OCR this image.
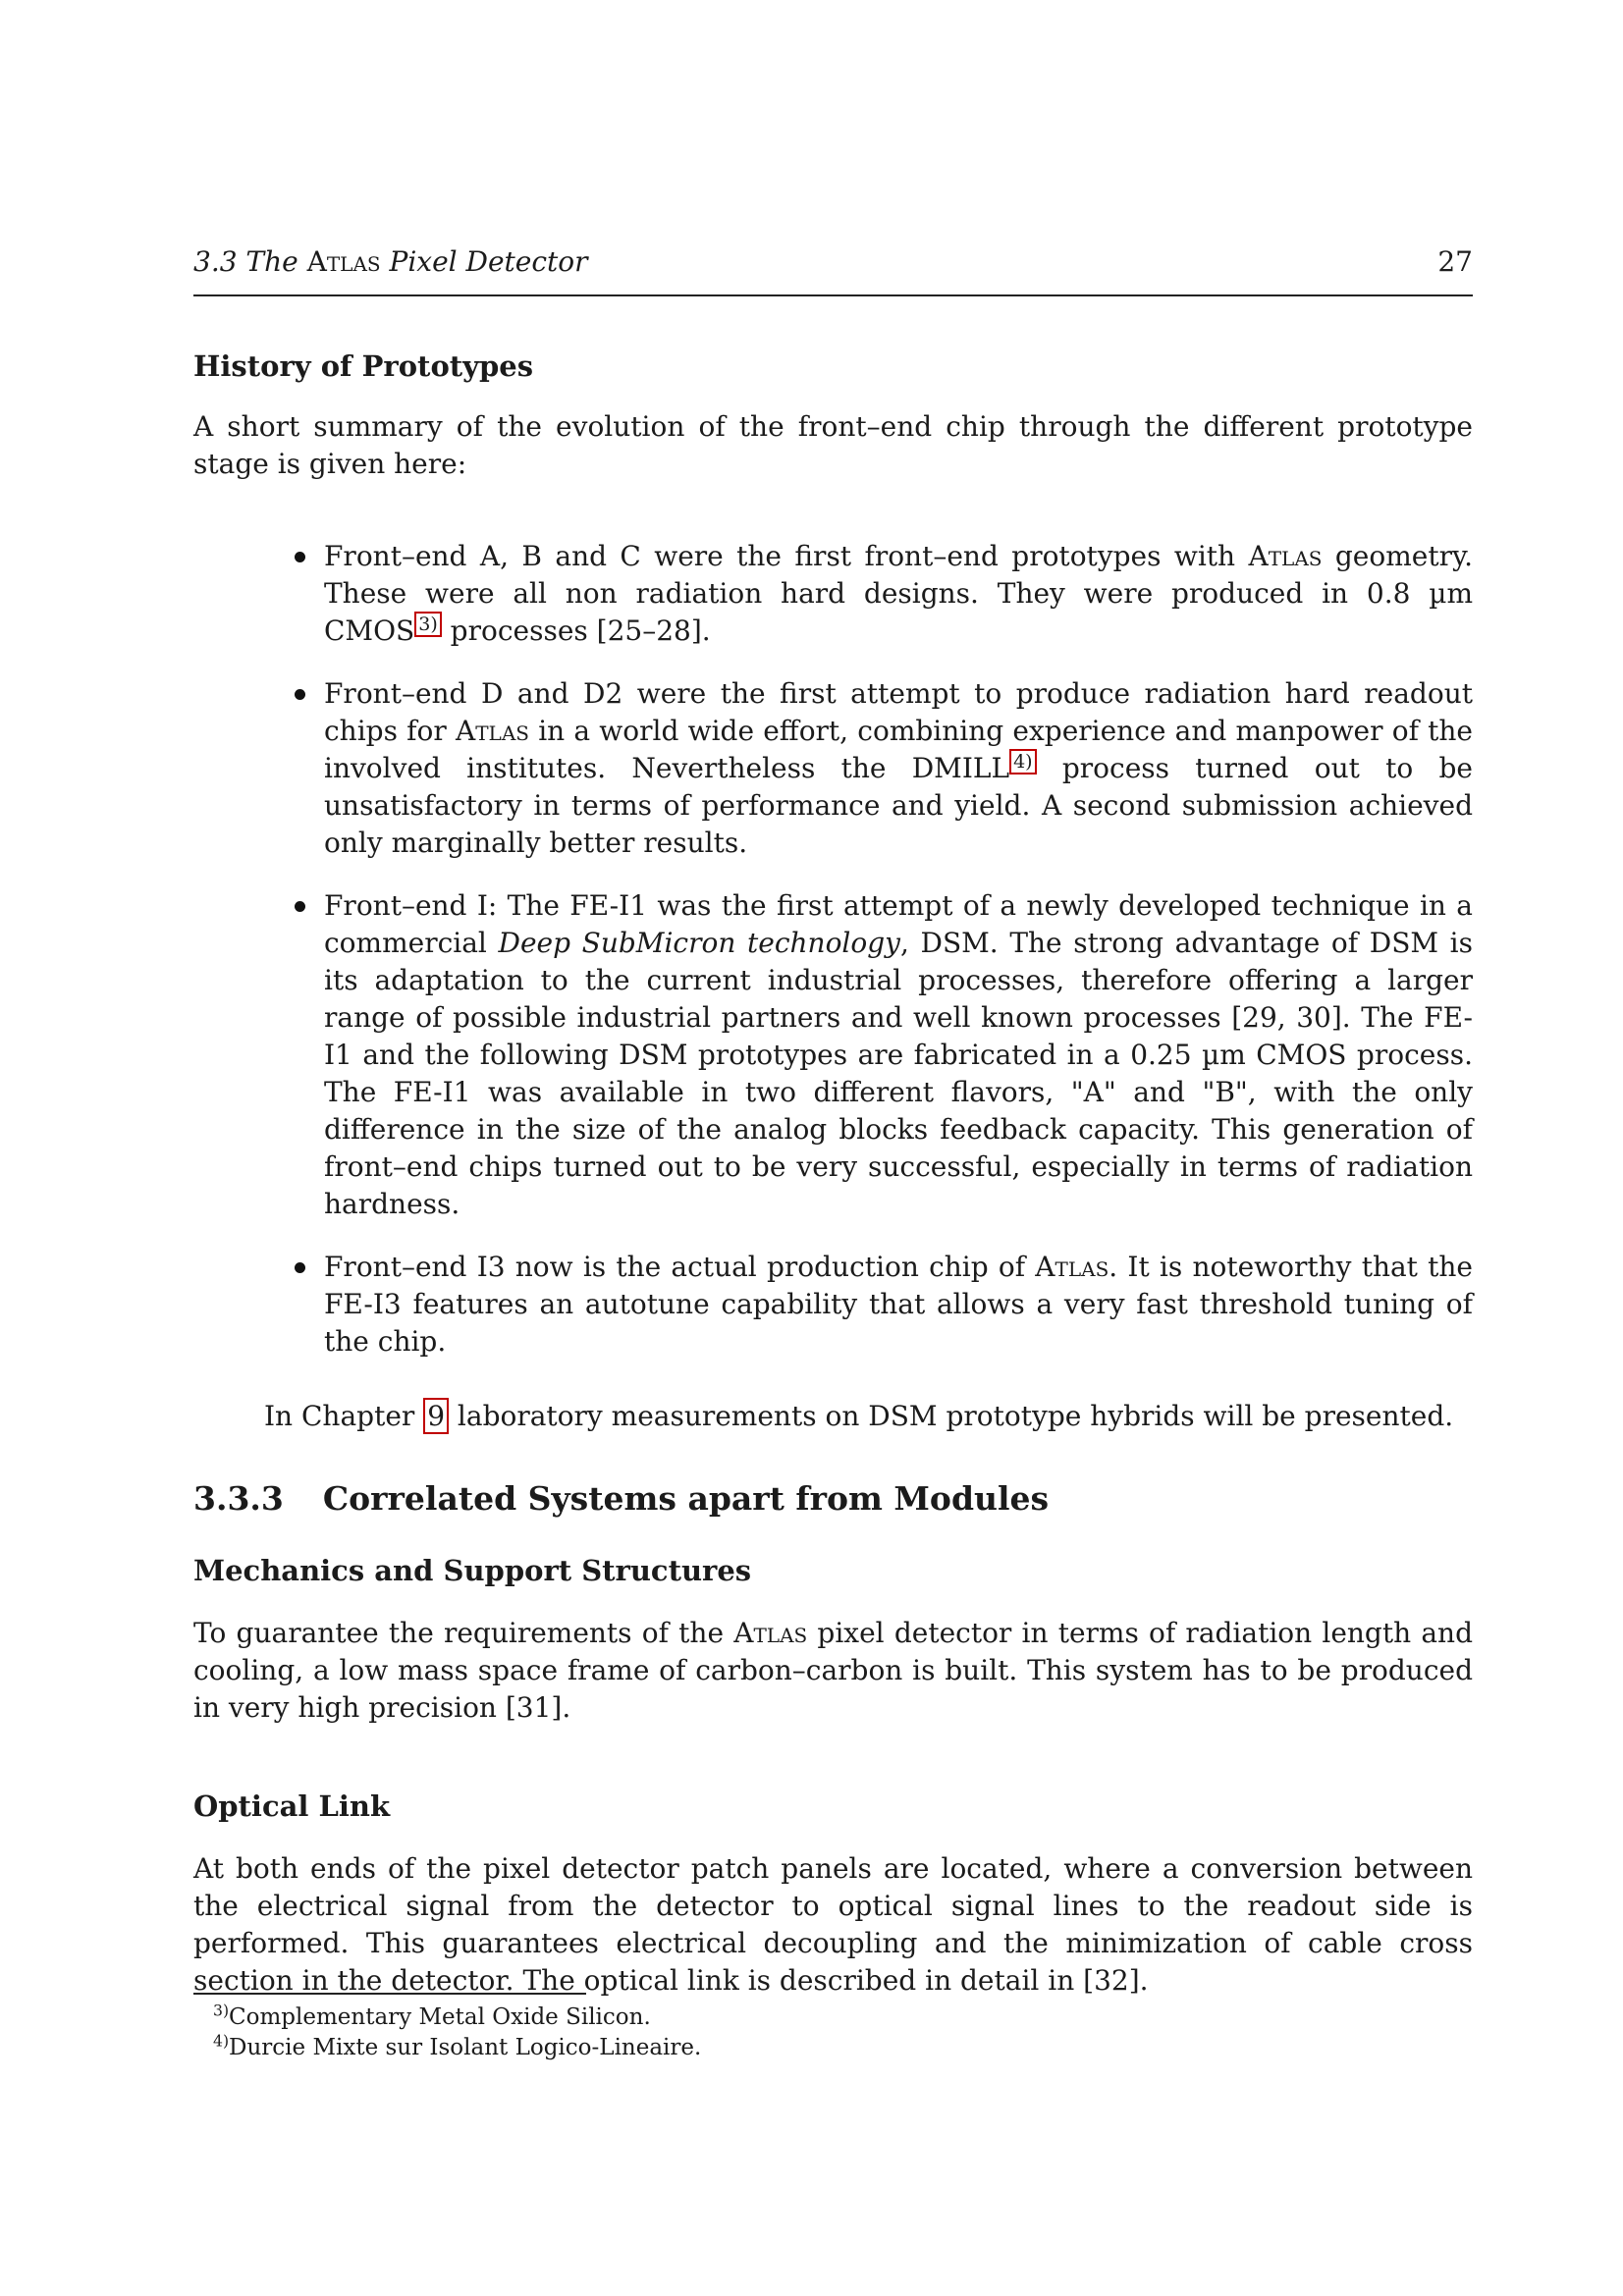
3.3 The Atlas Pixel Detector	27
History of Prototypes

A short summary of the evolution of the front–end chip through the different prototype stage is given here:

Front–end A, B and C were the first front–end prototypes with Atlas geometry. These were all non radiation hard designs. They were produced in 0.8 µm CMOS $^{3)}$ processes [25–28].
Front–end D and D2 were the first attempt to produce radiation hard readout chips for Atlas in a world wide effort, combining experience and manpower of the involved institutes. Nevertheless the DMILL $^{4)}$ process turned out to be unsatisfactory in terms of performance and yield. A second submission achieved only marginally better results.
Front–end I: The FE-I1 was the first attempt of a newly developed technique in a commercial Deep SubMicron technology, DSM. The strong advantage of DSM is its adaptation to the current industrial processes, therefore offering a larger range of possible industrial partners and well known processes [29, 30]. The FE-I1 and the following DSM prototypes are fabricated in a 0.25 µm CMOS process. The FE-I1 was available in two different flavors, "A" and "B", with the only difference in the size of the analog blocks feedback capacity. This generation of front–end chips turned out to be very successful, especially in terms of radiation hardness.
Front–end I3 now is the actual production chip of Atlas. It is noteworthy that the FE-I3 features an autotune capability that allows a very fast threshold tuning of the chip.

In Chapter 9 laboratory measurements on DSM prototype hybrids will be presented.

3.3.3 Correlated Systems apart from Modules
Mechanics and Support Structures

To guarantee the requirements of the Atlas pixel detector in terms of radiation length and cooling, a low mass space frame of carbon–carbon is built. This system has to be produced in very high precision [31].

Optical Link

At both ends of the pixel detector patch panels are located, where a conversion between the electrical signal from the detector to optical signal lines to the readout side is performed. This guarantees electrical decoupling and the minimization of cable cross section in the detector. The optical link is described in detail in [32].

$^{3)}$Complementary Metal Oxide Silicon.
$^{4)}$Durcie Mixte sur Isolant Logico-Lineaire.
